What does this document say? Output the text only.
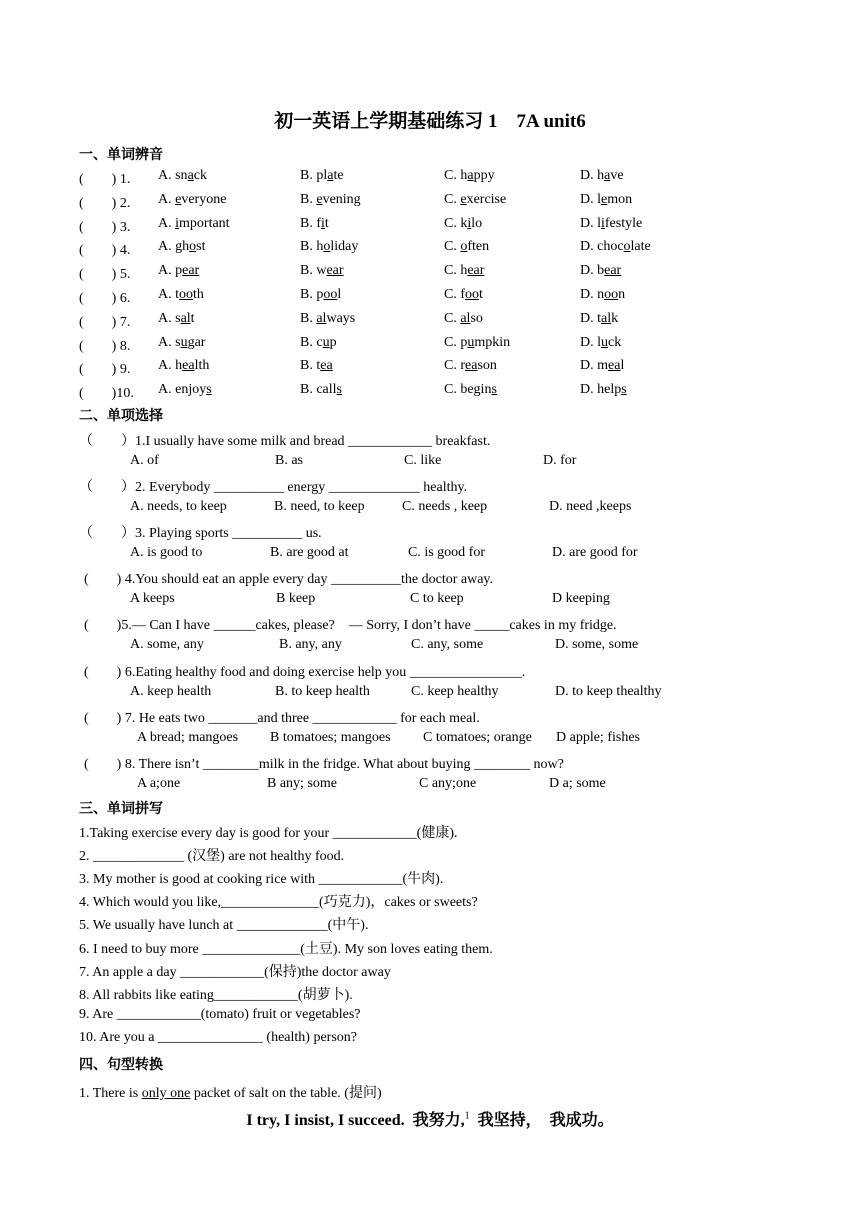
初一英语上学期基础练习 1　7A unit6
一、单词辨音
(　　) 1. A. snack	B. plate	C. happy	D. have
(　　) 2. A. everyone	B. evening	C. exercise	D. lemon
(　　) 3. A. important	B. fit	C. kilo	D. lifestyle
(　　) 4. A. ghost	B. holiday	C. often	D. chocolate
(　　) 5. A. pear	B. wear	C. hear	D. bear
(　　) 6. A. tooth	B. pool	C. foot	D. noon
(　　) 7. A. salt	B. always	C. also	D. talk
(　　) 8. A. sugar	B. cup	C. pumpkin	D. luck
(　　) 9. A. health	B. tea	C. reason	D. meal
(　　)10. A. enjoys	B. calls	C. begins	D. helps
二、单项选择
（　　）1.I usually have some milk and bread ____________ breakfast.
A. of	B. as	C. like	D. for
（　　）2. Everybody __________ energy _____________ healthy.
A. needs, to keep	B. need, to keep	C. needs , keep	D. need ,keeps
（　　）3. Playing sports __________ us.
A. is good to	B. are good at	C. is good for	D. are good for
(　　) 4.You should eat an apple every day __________the doctor away.
A keeps	B keep	C to keep	D keeping
(　　)5.— Can I have ______cakes, please?　— Sorry, I don’t have _____cakes in my fridge.
A. some, any	B. any, any	C. any, some	D. some, some
(　　) 6.Eating healthy food and doing exercise help you ________________.
A. keep health	B. to keep health	C. keep healthy	D. to keep thealthy
(　　) 7. He eats two _______and three ____________ for each meal.
A bread; mangoes B tomatoes; mangoes C tomatoes; orange D apple; fishes
(　　) 8. There isn’t ________milk in the fridge. What about buying ________ now?
A a;one	B any; some	C any;one	D a; some
三、单词拼写
1.Taking exercise every day is good for your ____________(健康).
2. _____________ (汉堡) are not healthy food.
3. My mother is good at cooking rice with ____________(牛肉).
4. Which would you like,______________(巧克力)，cakes or sweets?
5. We usually have lunch at _____________(中午).
6. I need to buy more ______________(土豆). My son loves eating them.
7. An apple a day ____________(保持)the doctor away
8. All rabbits like eating____________(胡萝卜).
9. Are ____________(tomato) fruit or vegetables?
10. Are you a _______________ (health) person?
四、句型转换
1. There is only one packet of salt on the table. (提问)
I try, I insist, I succeed.  我努力,$^1$  我坚持，  我成功。
